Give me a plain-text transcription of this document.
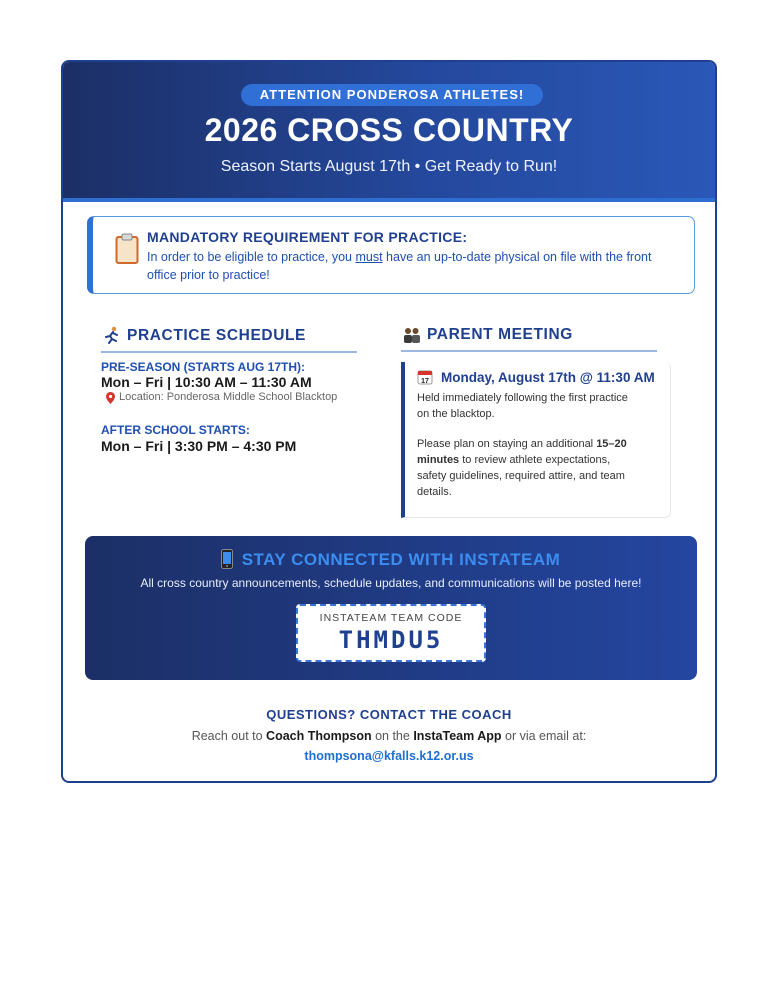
ATTENTION PONDEROSA ATHLETES!
2026 CROSS COUNTRY
Season Starts August 17th • Get Ready to Run!
MANDATORY REQUIREMENT FOR PRACTICE:
In order to be eligible to practice, you must have an up-to-date physical on file with the front
office prior to practice!
PRACTICE SCHEDULE
PRE-SEASON (STARTS AUG 17TH):
Mon – Fri | 10:30 AM – 11:30 AM
Location: Ponderosa Middle School Blacktop
AFTER SCHOOL STARTS:
Mon – Fri | 3:30 PM – 4:30 PM
PARENT MEETING
17 Monday, August 17th @ 11:30 AM
Held immediately following the first practice
on the blacktop.
Please plan on staying an additional 15–20
minutes to review athlete expectations,
safety guidelines, required attire, and team
details.
STAY CONNECTED WITH INSTATEAM
All cross country announcements, schedule updates, and communications will be posted here!
INSTATEAM TEAM CODE
THMDU5
QUESTIONS? CONTACT THE COACH
Reach out to Coach Thompson on the InstaTeam App or via email at:
thompsona@kfalls.k12.or.us
